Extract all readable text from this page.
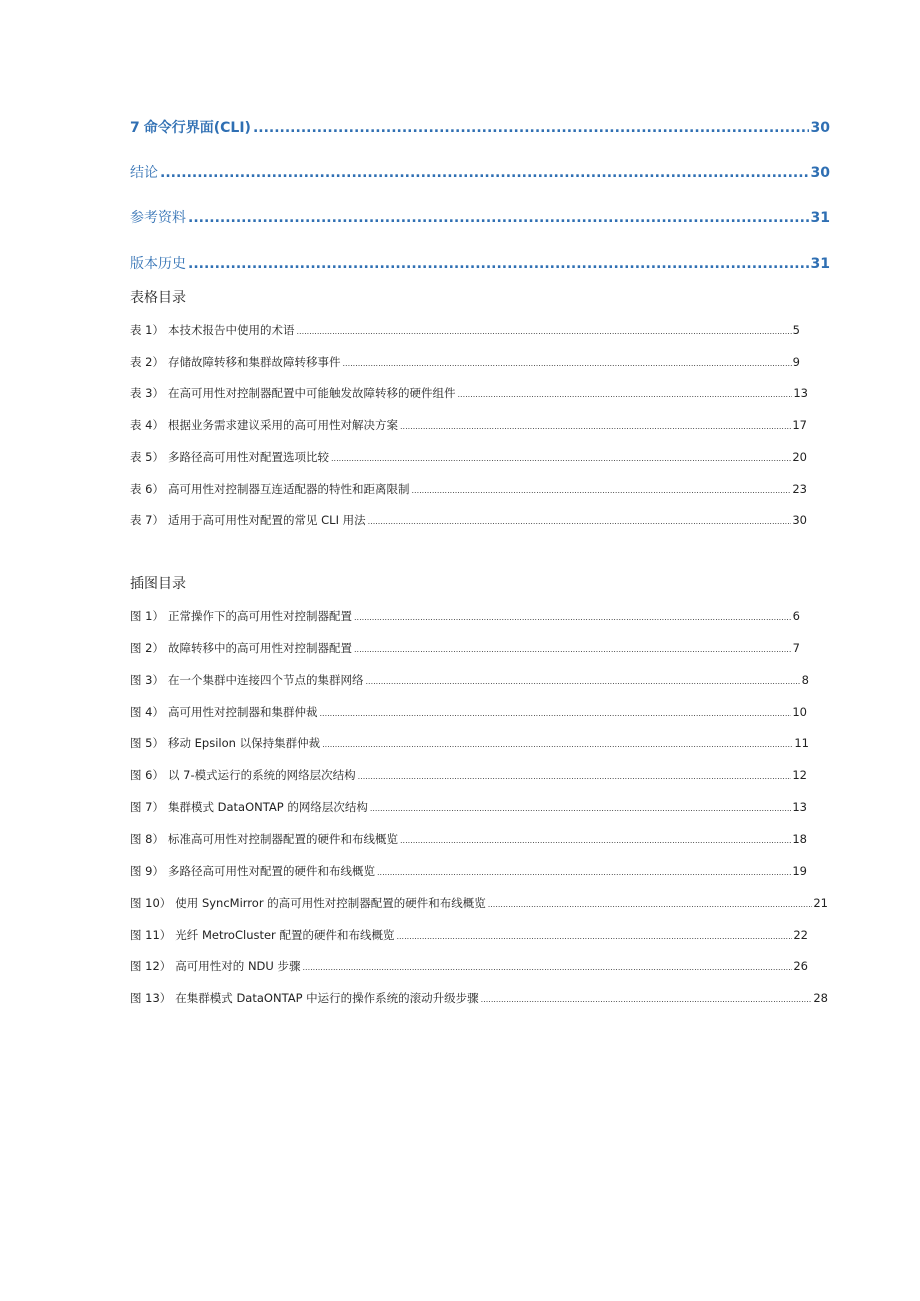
7 命令行界面(CLI) .....	30
结论 .....	30
参考资料 .....	31
版本历史 .....	31
表格目录
表 1） 本技术报告中使用的术语 .....	5
表 2） 存储故障转移和集群故障转移事件 .....	9
表 3） 在高可用性对控制器配置中可能触发故障转移的硬件组件 .....	13
表 4） 根据业务需求建议采用的高可用性对解决方案 .....	17
表 5） 多路径高可用性对配置选项比较 .....	20
表 6） 高可用性对控制器互连适配器的特性和距离限制 .....	23
表 7） 适用于高可用性对配置的常见 CLI 用法 .....	30
插图目录
图 1） 正常操作下的高可用性对控制器配置 .....	6
图 2） 故障转移中的高可用性对控制器配置 .....	7
图 3） 在一个集群中连接四个节点的集群网络 .....	8
图 4） 高可用性对控制器和集群仲裁 .....	10
图 5） 移动 Epsilon 以保持集群仲裁 .....	11
图 6） 以 7-模式运行的系统的网络层次结构 .....	12
图 7） 集群模式 DataONTAP 的网络层次结构 .....	13
图 8） 标准高可用性对控制器配置的硬件和布线概览 .....	18
图 9） 多路径高可用性对配置的硬件和布线概览 .....	19
图 10） 使用 SyncMirror 的高可用性对控制器配置的硬件和布线概览 .....	21
图 11） 光纤 MetroCluster 配置的硬件和布线概览 .....	22
图 12） 高可用性对的 NDU 步骤 .....	26
图 13） 在集群模式 DataONTAP 中运行的操作系统的滚动升级步骤 .....	28
